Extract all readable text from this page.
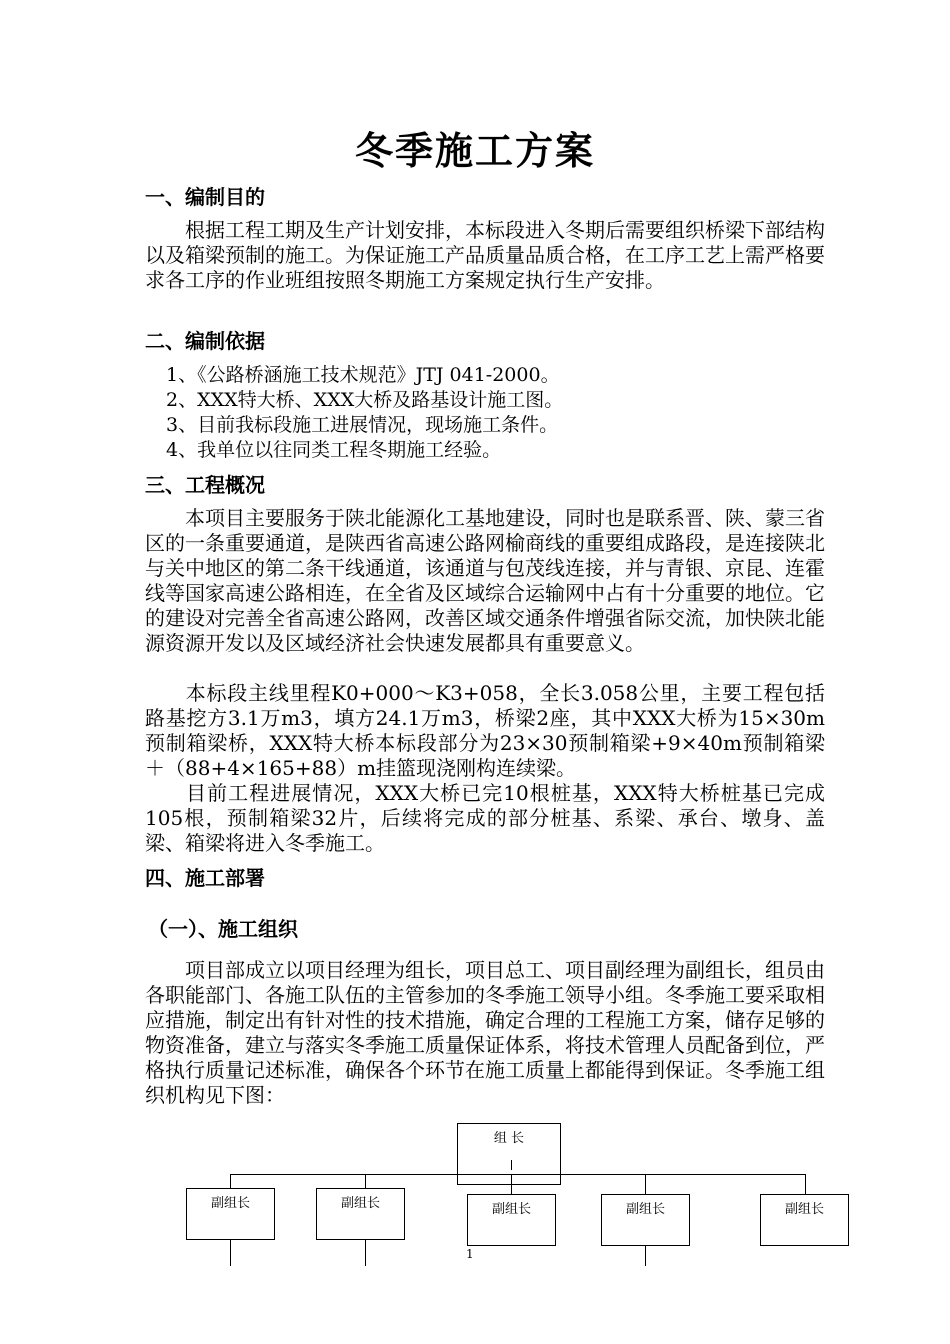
冬季施工方案
一、编制目的

根据工程工期及生产计划安排，本标段进入冬期后需要组织桥梁下部结构以及箱梁预制的施工。为保证施工产品质量品质合格，在工序工艺上需严格要求各工序的作业班组按照冬期施工方案规定执行生产安排。

二、编制依据
1、《公路桥涵施工技术规范》JTJ 041-2000。
2、XXX特大桥、XXX大桥及路基设计施工图。
3、目前我标段施工进展情况，现场施工条件。
4、我单位以往同类工程冬期施工经验。
三、工程概况

本项目主要服务于陕北能源化工基地建设，同时也是联系晋、陕、蒙三省区的一条重要通道，是陕西省高速公路网榆商线的重要组成路段，是连接陕北与关中地区的第二条干线通道，该通道与包茂线连接，并与青银、京昆、连霍线等国家高速公路相连，在全省及区域综合运输网中占有十分重要的地位。它的建设对完善全省高速公路网，改善区域交通条件增强省际交流，加快陕北能源资源开发以及区域经济社会快速发展都具有重要意义。

本标段主线里程K0+000～K3+058，全长3.058公里，主要工程包括路基挖方3.1万m3，填方24.1万m3，桥梁2座，其中XXX大桥为15×30m预制箱梁桥，XXX特大桥本标段部分为23×30预制箱梁+9×40m预制箱梁＋（88+4×165+88）m挂篮现浇刚构连续梁。

目前工程进展情况，XXX大桥已完10根桩基，XXX特大桥桩基已完成105根，预制箱梁32片，后续将完成的部分桩基、系梁、承台、墩身、盖梁、箱梁将进入冬季施工。

四、施工部署
（一）、施工组织

项目部成立以项目经理为组长，项目总工、项目副经理为副组长，组员由各职能部门、各施工队伍的主管参加的冬季施工领导小组。冬季施工要采取相应措施，制定出有针对性的技术措施，确定合理的工程施工方案，储存足够的物资准备，建立与落实冬季施工质量保证体系，将技术管理人员配备到位，严格执行质量记述标准，确保各个环节在施工质量上都能得到保证。冬季施工组织机构见下图：

组 长
副组长	副组长	副组长	副组长	副组长
1
